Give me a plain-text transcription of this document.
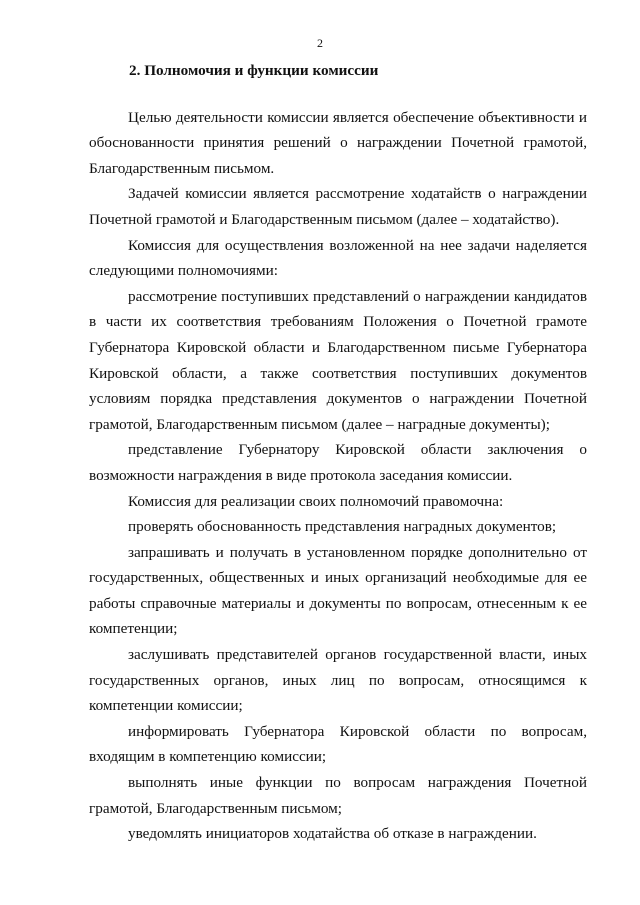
2
2. Полномочия и функции комиссии

Целью деятельности комиссии является обеспечение объективности и обоснованности принятия решений о награждении Почетной грамотой, Благодарственным письмом.

Задачей комиссии является рассмотрение ходатайств о награждении Почетной грамотой и Благодарственным письмом (далее – ходатайство).

Комиссия для осуществления возложенной на нее задачи наделяется следующими полномочиями:

рассмотрение поступивших представлений о награждении кандидатов в части их соответствия требованиям Положения о Почетной грамоте Губернатора Кировской области и Благодарственном письме Губернатора Кировской области, а также соответствия поступивших документов условиям порядка представления документов о награждении Почетной грамотой, Благодарственным письмом (далее – наградные документы);

представление Губернатору Кировской области заключения о возможности награждения в виде протокола заседания комиссии.

Комиссия для реализации своих полномочий правомочна:

проверять обоснованность представления наградных документов;

запрашивать и получать в установленном порядке дополнительно от государственных, общественных и иных организаций необходимые для ее работы справочные материалы и документы по вопросам, отнесенным к ее компетенции;

заслушивать представителей органов государственной власти, иных государственных органов, иных лиц по вопросам, относящимся к компетенции комиссии;

информировать Губернатора Кировской области по вопросам, входящим в компетенцию комиссии;

выполнять иные функции по вопросам награждения Почетной грамотой, Благодарственным письмом;

уведомлять инициаторов ходатайства об отказе в награждении.
